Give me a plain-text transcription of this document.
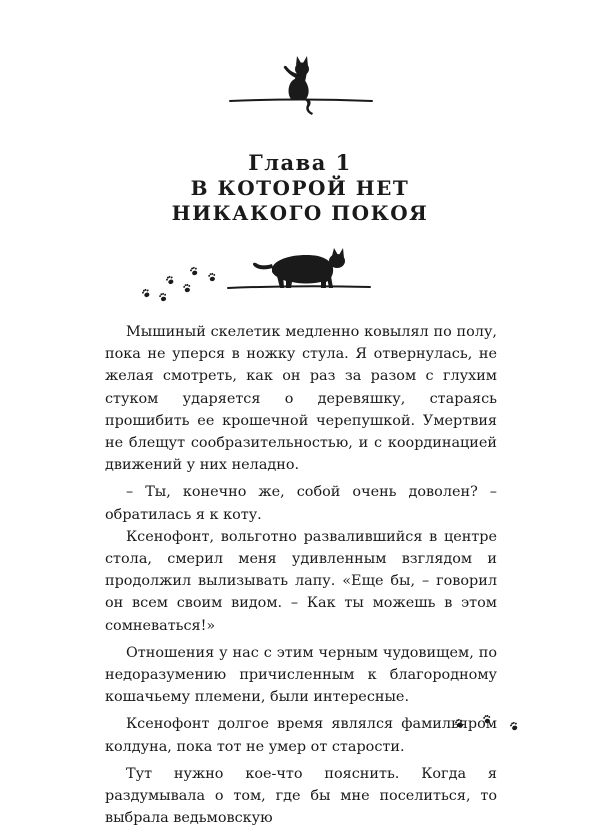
Глава 1
В КОТОРОЙ НЕТ
НИКАКОГО ПОКОЯ

Мышиный скелетик медленно ковылял по полу, пока не уперся в ножку стула. Я отвернулась, не желая смотреть, как он раз за разом с глухим стуком ударяется о деревяшку, стараясь прошибить ее крошечной черепушкой. Умертвия не блещут сообразительностью, и с координацией движений у них неладно.

– Ты, конечно же, собой очень доволен? – обратилась я к коту.

Ксенофонт, вольготно развалившийся в центре стола, смерил меня удивленным взглядом и продолжил вылизывать лапу. «Еще бы, – говорил он всем своим видом. – Как ты можешь в этом сомневаться!»

Отношения у нас с этим черным чудовищем, по недоразумению причисленным к благородному кошачьему племени, были интересные.

Ксенофонт долгое время являлся фамильяром колдуна, пока тот не умер от старости.

Тут нужно кое-что пояснить. Когда я раздумывала о том, где бы мне поселиться, то выбрала ведьмовскую
